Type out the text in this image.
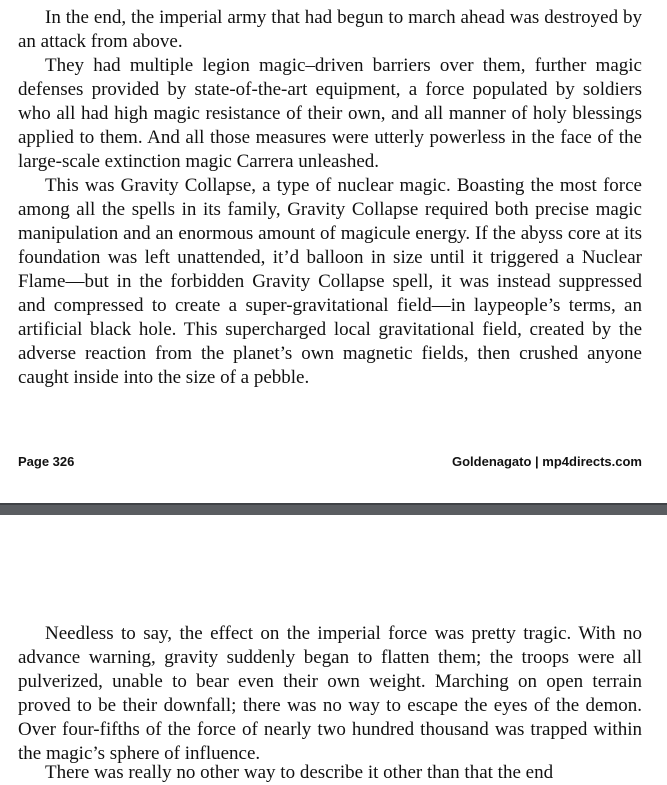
In the end, the imperial army that had begun to march ahead was destroyed by an attack from above.

They had multiple legion magic–driven barriers over them, further magic defenses provided by state-of-the-art equipment, a force populated by soldiers who all had high magic resistance of their own, and all manner of holy blessings applied to them. And all those measures were utterly powerless in the face of the large-scale extinction magic Carrera unleashed.

This was Gravity Collapse, a type of nuclear magic. Boasting the most force among all the spells in its family, Gravity Collapse required both precise magic manipulation and an enormous amount of magicule energy. If the abyss core at its foundation was left unattended, it’d balloon in size until it triggered a Nuclear Flame—but in the forbidden Gravity Collapse spell, it was instead suppressed and compressed to create a super-gravitational field—in laypeople’s terms, an artificial black hole. This supercharged local gravitational field, created by the adverse reaction from the planet’s own magnetic fields, then crushed anyone caught inside into the size of a pebble.

Page 326	Goldenagato | mp4directs.com

Needless to say, the effect on the imperial force was pretty tragic. With no advance warning, gravity suddenly began to flatten them; the troops were all pulverized, unable to bear even their own weight. Marching on open terrain proved to be their downfall; there was no way to escape the eyes of the demon. Over four-fifths of the force of nearly two hundred thousand was trapped within the magic’s sphere of influence.

There was really no other way to describe it other than that the end
